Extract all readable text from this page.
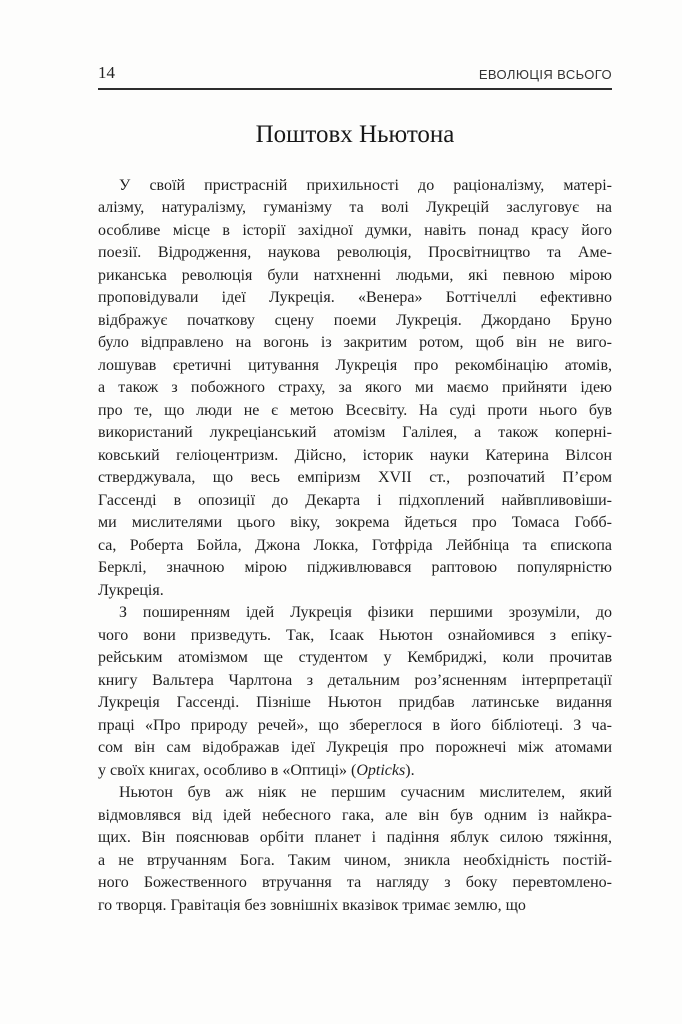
14	ЕВОЛЮЦІЯ ВСЬОГО
Поштовх Ньютона
У своїй пристрасній прихильності до раціоналізму, матері-
алізму, натуралізму, гуманізму та волі Лукрецій заслуговує на
особливе місце в історії західної думки, навіть понад красу його
поезії. Відродження, наукова революція, Просвітництво та Аме-
риканська революція були натхненні людьми, які певною мірою
проповідували ідеї Лукреція. «Венера» Боттічеллі ефективно
відбражує початкову сцену поеми Лукреція. Джордано Бруно
було відправлено на вогонь із закритим ротом, щоб він не виго-
лошував єретичні цитування Лукреція про рекомбінацію атомів,
а також з побожного страху, за якого ми маємо прийняти ідею
про те, що люди не є метою Всесвіту. На суді проти нього був
використаний лукреціанський атомізм Галілея, а також коперні-
ковський геліоцентризм. Дійсно, історик науки Катерина Вілсон
стверджувала, що весь емпіризм XVII ст., розпочатий П’єром
Гассенді в опозиції до Декарта і підхоплений найвпливовіши-
ми мислителями цього віку, зокрема йдеться про Томаса Гобб-
са, Роберта Бойла, Джона Локка, Готфріда Лейбніца та єпископа
Берклі, значною мірою підживлювався раптовою популярністю
Лукреція.
З поширенням ідей Лукреція фізики першими зрозуміли, до
чого вони призведуть. Так, Ісаак Ньютон ознайомився з епіку-
рейським атомізмом ще студентом у Кембриджі, коли прочитав
книгу Вальтера Чарлтона з детальним роз’ясненням інтерпретації
Лукреція Гассенді. Пізніше Ньютон придбав латинське видання
праці «Про природу речей», що збереглося в його бібліотеці. З ча-
сом він сам відображав ідеї Лукреція про порожнечі між атомами
у своїх книгах, особливо в «Оптиці» (Opticks).
Ньютон був аж ніяк не першим сучасним мислителем, який
відмовлявся від ідей небесного гака, але він був одним із найкра-
щих. Він пояснював орбіти планет і падіння яблук силою тяжіння,
а не втручанням Бога. Таким чином, зникла необхідність постій-
ного Божественного втручання та нагляду з боку перевтомлено-
го творця. Гравітація без зовнішніх вказівок тримає землю, що
